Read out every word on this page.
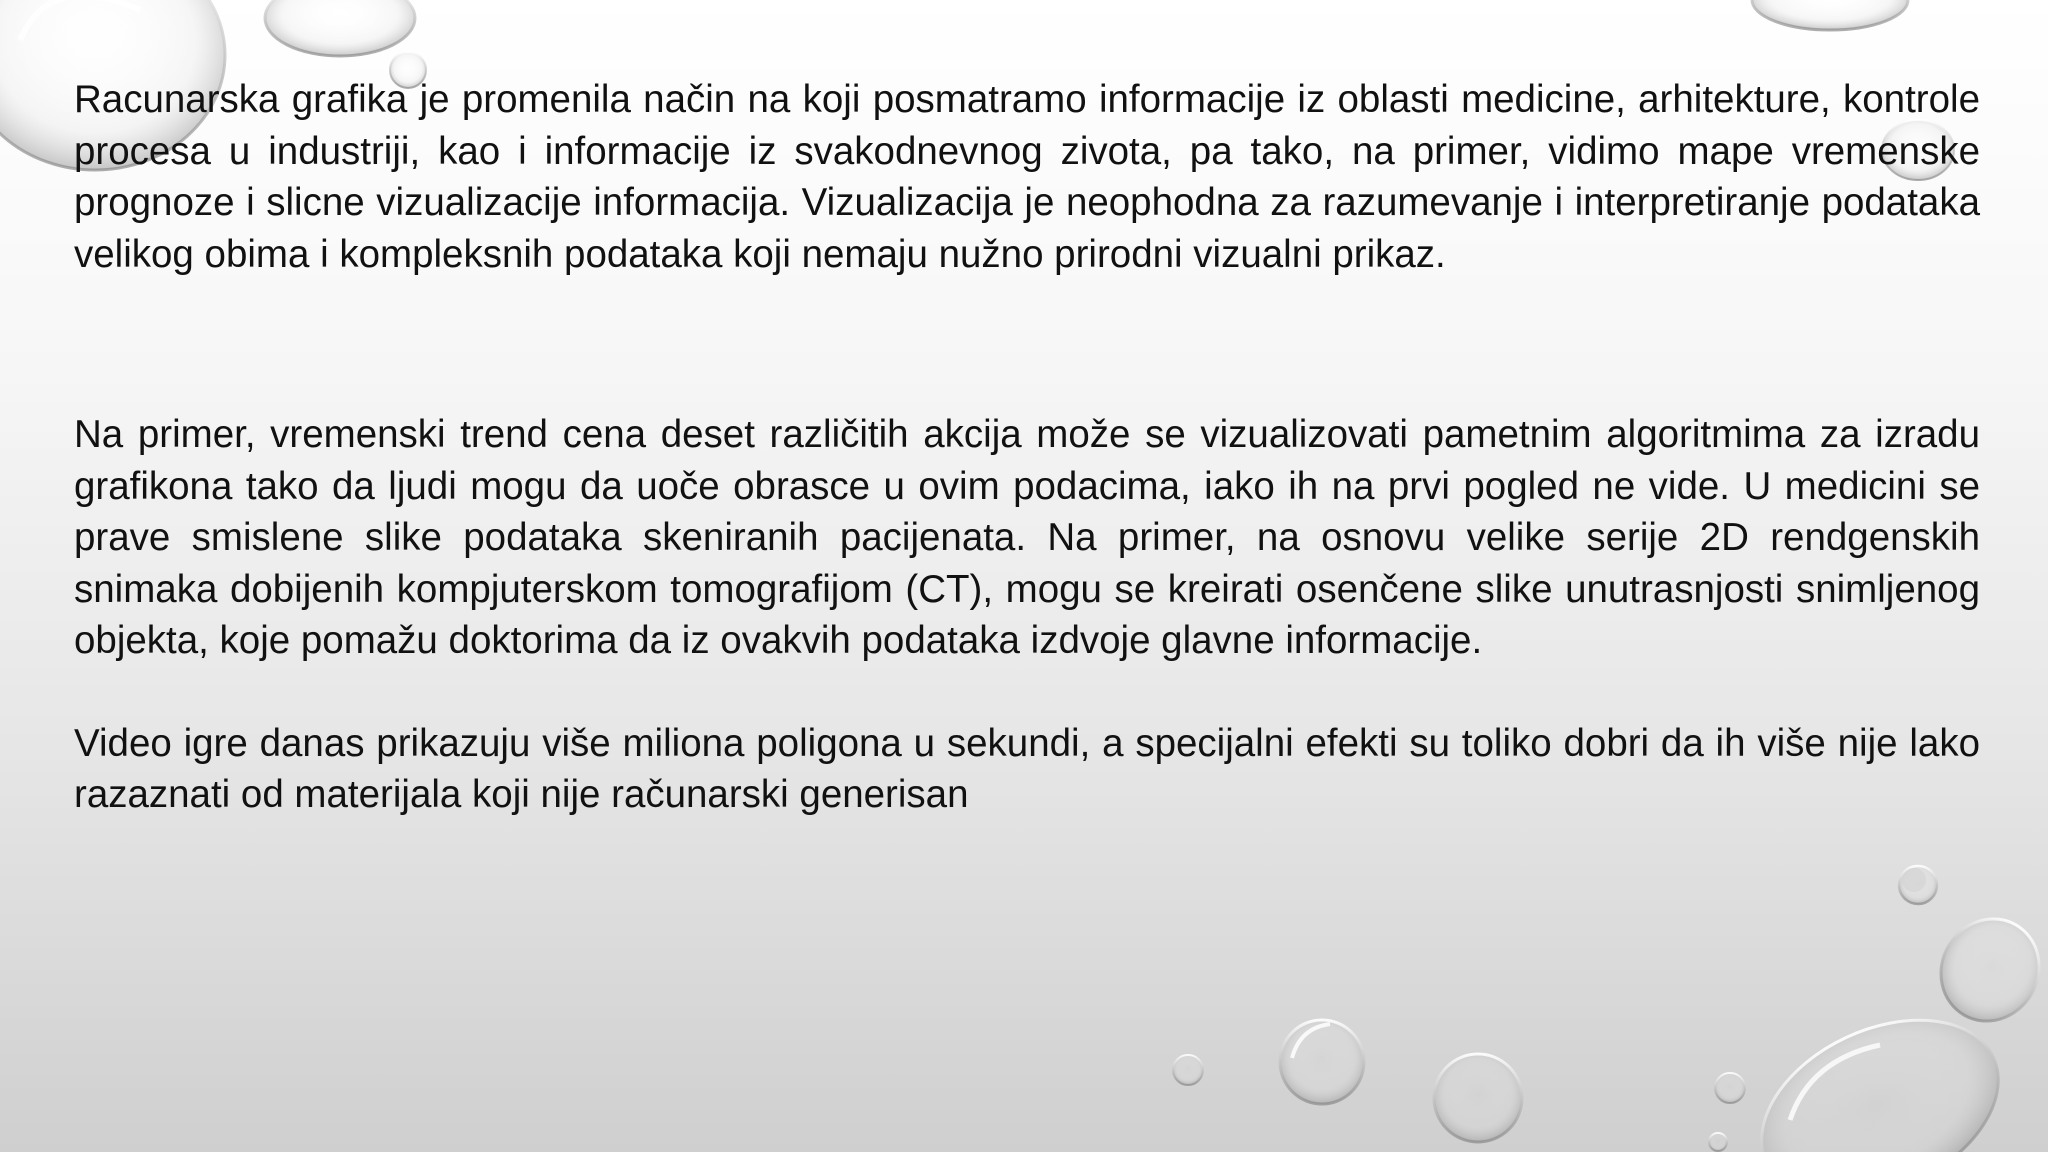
Racunarska grafika je promenila način na koji posmatramo informacije iz oblasti medicine, arhitekture, kontrole procesa u industriji, kao i informacije iz svakodnevnog zivota, pa tako, na primer, vidimo mape vremenske prognoze i slicne vizualizacije informacija. Vizualizacija je neophodna za razumevanje i interpretiranje podataka velikog obima i kompleksnih podataka koji nemaju nužno prirodni vizualni prikaz.

Na primer, vremenski trend cena deset različitih akcija može se vizualizovati pametnim algoritmima za izradu grafikona tako da ljudi mogu da uoče obrasce u ovim podacima, iako ih na prvi pogled ne vide. U medicini se prave smislene slike podataka skeniranih pacijenata. Na primer, na osnovu velike serije 2D rendgenskih snimaka dobijenih kompjuterskom tomografijom (CT), mogu se kreirati osenčene slike unutrasnjosti snimljenog objekta, koje pomažu doktorima da iz ovakvih podataka izdvoje glavne informacije.

Video igre danas prikazuju više miliona poligona u sekundi, a specijalni efekti su toliko dobri da ih više nije lako razaznati od materijala koji nije računarski generisan
